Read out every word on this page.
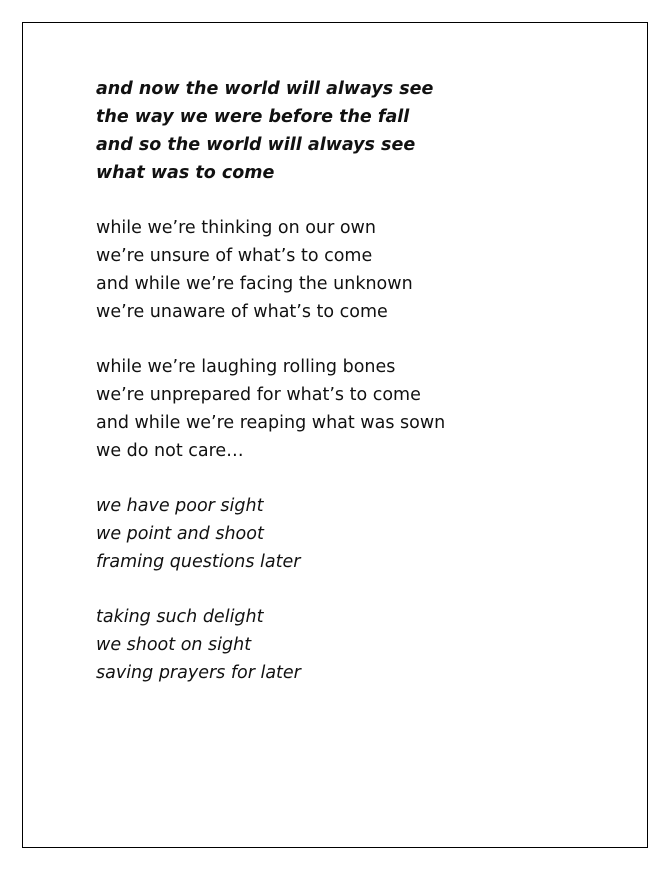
and now the world will always see
the way we were before the fall
and so the world will always see
what was to come
while we’re thinking on our own
we’re unsure of what’s to come
and while we’re facing the unknown
we’re unaware of what’s to come
while we’re laughing rolling bones
we’re unprepared for what’s to come
and while we’re reaping what was sown
we do not care…
we have poor sight
we point and shoot
framing questions later
taking such delight
we shoot on sight
saving prayers for later
